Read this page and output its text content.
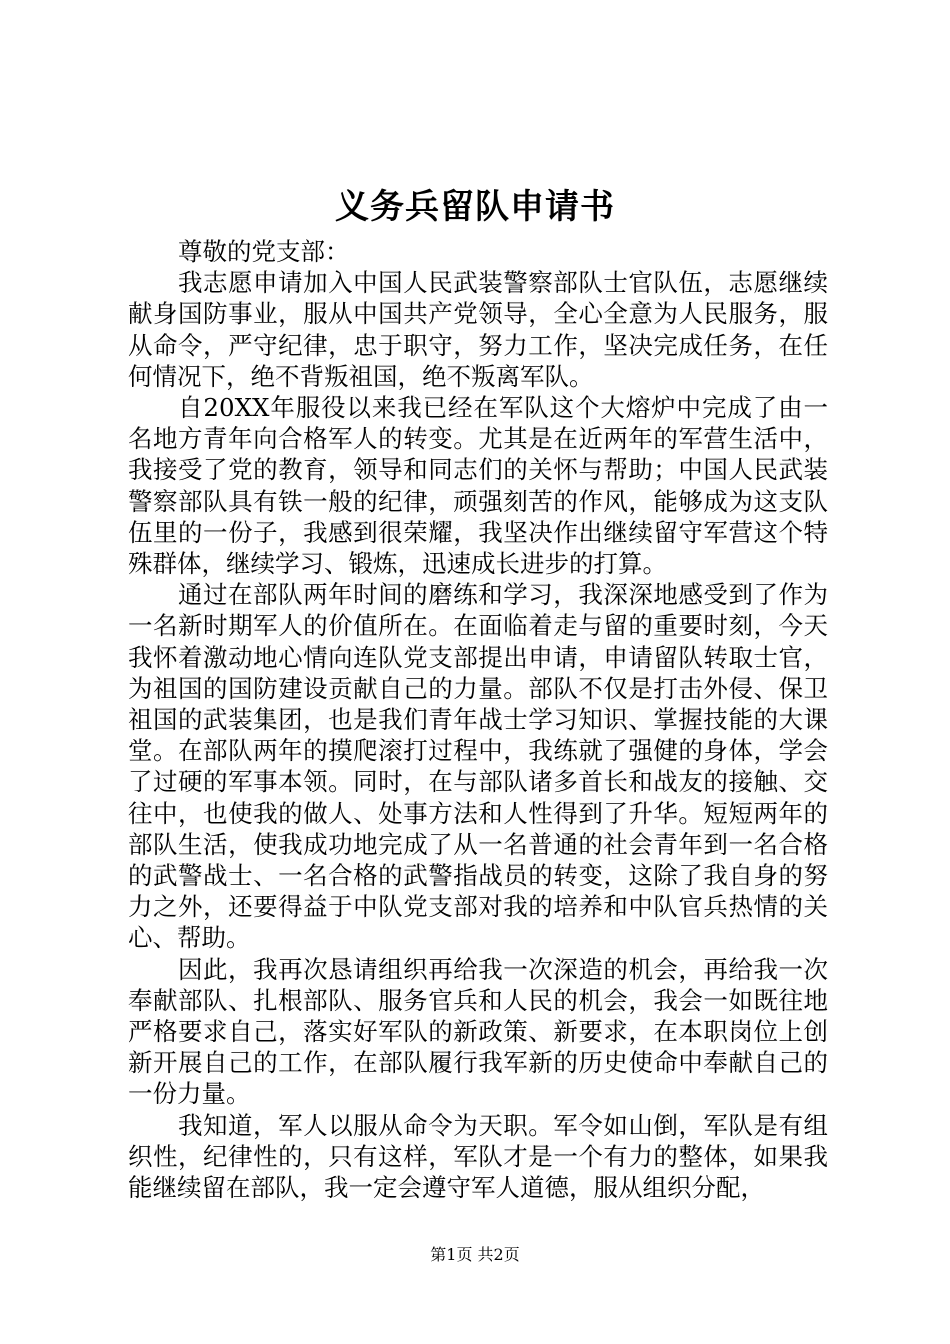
义务兵留队申请书

尊敬的党支部：

我志愿申请加入中国人民武装警察部队士官队伍，志愿继续献身国防事业，服从中国共产党领导，全心全意为人民服务，服从命令，严守纪律，忠于职守，努力工作，坚决完成任务，在任何情况下，绝不背叛祖国，绝不叛离军队。

自20XX年服役以来我已经在军队这个大熔炉中完成了由一名地方青年向合格军人的转变。尤其是在近两年的军营生活中，我接受了党的教育，领导和同志们的关怀与帮助；中国人民武装警察部队具有铁一般的纪律，顽强刻苦的作风，能够成为这支队伍里的一份子，我感到很荣耀，我坚决作出继续留守军营这个特殊群体，继续学习、锻炼，迅速成长进步的打算。

通过在部队两年时间的磨练和学习，我深深地感受到了作为一名新时期军人的价值所在。在面临着走与留的重要时刻，今天我怀着激动地心情向连队党支部提出申请，申请留队转取士官，为祖国的国防建设贡献自己的力量。部队不仅是打击外侵、保卫祖国的武装集团，也是我们青年战士学习知识、掌握技能的大课堂。在部队两年的摸爬滚打过程中，我练就了强健的身体，学会了过硬的军事本领。同时，在与部队诸多首长和战友的接触、交往中，也使我的做人、处事方法和人性得到了升华。短短两年的部队生活，使我成功地完成了从一名普通的社会青年到一名合格的武警战士、一名合格的武警指战员的转变，这除了我自身的努力之外，还要得益于中队党支部对我的培养和中队官兵热情的关心、帮助。

因此，我再次恳请组织再给我一次深造的机会，再给我一次奉献部队、扎根部队、服务官兵和人民的机会，我会一如既往地严格要求自己，落实好军队的新政策、新要求，在本职岗位上创新开展自己的工作，在部队履行我军新的历史使命中奉献自己的一份力量。

我知道，军人以服从命令为天职。军令如山倒，军队是有组织性，纪律性的，只有这样，军队才是一个有力的整体，如果我能继续留在部队，我一定会遵守军人道德，服从组织分配，

第1页 共2页
